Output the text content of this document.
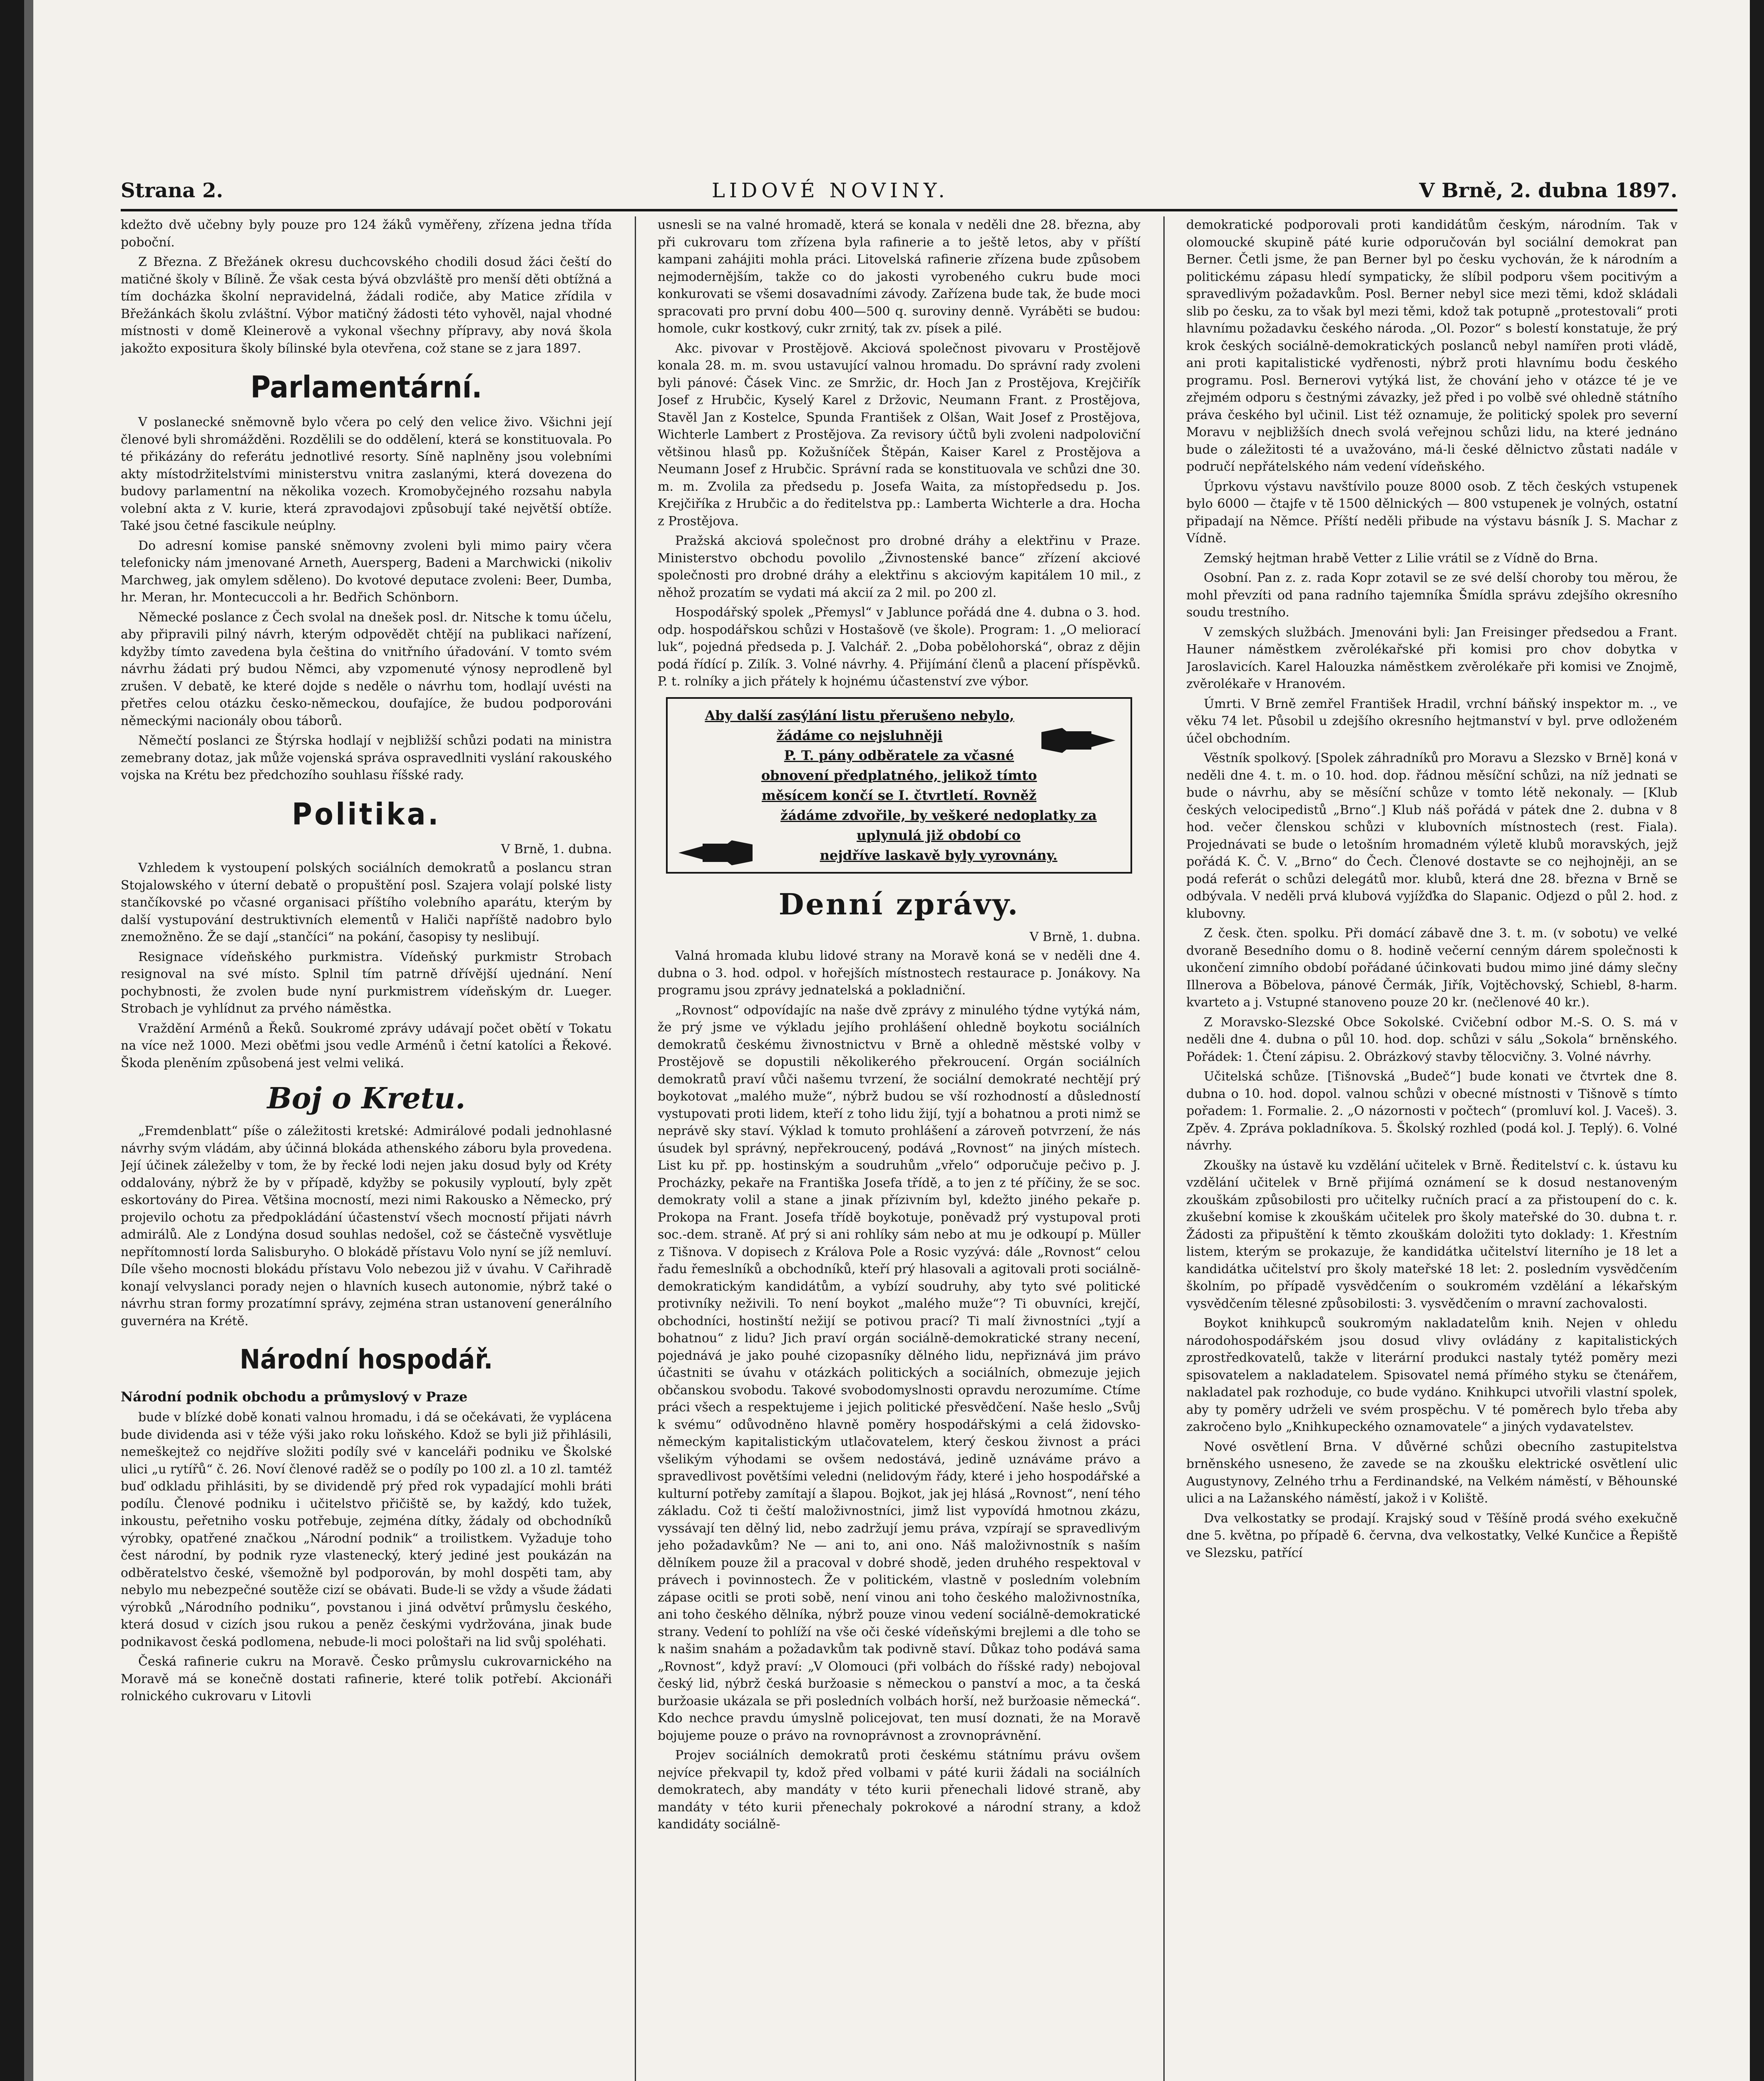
Strana 2.	LIDOVÉ NOVINY.	V Brně, 2. dubna 1897.

kdežto dvě učebny byly pouze pro 124 žáků vyměřeny, zřízena jedna třída poboční.

Z Března. Z Břežánek okresu duchcovského chodili dosud žáci čeští do matičné školy v Bílině. Že však cesta bývá obzvláště pro menší děti obtížná a tím docházka školní nepravidelná, žádali rodiče, aby Matice zřídila v Břežánkách školu zvláštní. Výbor matičný žádosti této vyhověl, najal vhodné místnosti v domě Kleinerově a vykonal všechny přípravy, aby nová škola jakožto expositura školy bílinské byla otevřena, což stane se z jara 1897.

Parlamentární.

V poslanecké sněmovně bylo včera po celý den velice živo. Všichni její členové byli shromážděni. Rozdělili se do oddělení, která se konstituovala. Po té přikázány do referátu jednotlivé resorty. Síně naplněny jsou volebními akty místodržitelstvími ministerstvu vnitra zaslanými, která dovezena do budovy parlamentní na několika vozech. Kromobyčejného rozsahu nabyla volební akta z V. kurie, která zpravodajovi způsobují také největší obtíže. Také jsou četné fascikule neúplny.

Do adresní komise panské sněmovny zvoleni byli mimo pairy včera telefonicky nám jmenované Arneth, Auersperg, Badeni a Marchwicki (nikoliv Marchweg, jak omylem sděleno). Do kvotové deputace zvoleni: Beer, Dumba, hr. Meran, hr. Montecuccoli a hr. Bedřich Schönborn.

Německé poslance z Čech svolal na dnešek posl. dr. Nitsche k tomu účelu, aby připravili pilný návrh, kterým odpovědět chtějí na publikaci nařízení, kdyžby tímto zavedena byla čeština do vnitřního úřadování. V tomto svém návrhu žádati prý budou Němci, aby vzpomenuté výnosy neprodleně byl zrušen. V debatě, ke které dojde s neděle o návrhu tom, hodlají uvésti na přetřes celou otázku česko-německou, doufajíce, že budou podporováni německými nacionály obou táborů.

Němečtí poslanci ze Štýrska hodlají v nejbližší schůzi podati na ministra zemebrany dotaz, jak může vojenská správa ospravedlniti vyslání rakouského vojska na Krétu bez předchozího souhlasu říšské rady.

Politika.
V Brně, 1. dubna.

Vzhledem k vystoupení polských sociálních demokratů a poslancu stran Stojalowského v úterní debatě o propuštění posl. Szajera volají polské listy stančíkovské po včasné organisaci příštího volebního aparátu, kterým by další vystupování destruktivních elementů v Haliči napříště nadobro bylo znemožněno. Že se dají „stančíci“ na pokání, časopisy ty neslibují.

Resignace vídeňského purkmistra. Vídeňský purkmistr Strobach resignoval na své místo. Splnil tím patrně dřívější ujednání. Není pochybnosti, že zvolen bude nyní purkmistrem vídeňským dr. Lueger. Strobach je vyhlídnut za prvého náměstka.

Vraždění Arménů a Řeků. Soukromé zprávy udávají počet obětí v Tokatu na více než 1000. Mezi oběťmi jsou vedle Arménů i četní katolíci a Řekové. Škoda pleněním způsobená jest velmi veliká.

Boj o Kretu.

„Fremdenblatt“ píše o záležitosti kretské: Admirálové podali jednohlasné návrhy svým vládám, aby účinná blokáda athenského záboru byla provedena. Její účinek záleželby v tom, že by řecké lodi nejen jaku dosud byly od Kréty oddalovány, nýbrž že by v případě, kdyžby se pokusily vyploutí, byly zpět eskortovány do Pirea. Většina mocností, mezi nimi Rakousko a Německo, prý projevilo ochotu za předpokládání účastenství všech mocností přijati návrh admirálů. Ale z Londýna dosud souhlas nedošel, což se částečně vysvětluje nepřítomností lorda Salisburyho. O blokádě přístavu Volo nyní se jíž nemluví. Díle všeho mocnosti blokádu přístavu Volo nebezou již v úvahu. V Cařihradě konají velvyslanci porady nejen o hlavních kusech autonomie, nýbrž také o návrhu stran formy prozatímní správy, zejména stran ustanovení generálního guvernéra na Krétě.

Národní hospodář.
Národní podnik obchodu a průmyslový v Praze

bude v blízké době konati valnou hromadu, i dá se očekávati, že vyplácena bude dividenda asi v téže výši jako roku loňského. Kdož se byli již přihlásili, nemeškejtež co nejdříve složiti podíly své v kanceláři podniku ve Školské ulici „u rytířů“ č. 26. Noví členové raděž se o podíly po 100 zl. a 10 zl. tamtéž buď odkladu přihlásiti, by se dividendě prý před rok vypadající mohli bráti podílu. Členové podniku i učitelstvo přičiště se, by každý, kdo tužek, inkoustu, peřetniho vosku potřebuje, zejména dítky, žádaly od obchodníků výrobky, opatřené značkou „Národní podnik“ a troilistkem. Vyžaduje toho čest národní, by podnik ryze vlastenecký, který jediné jest poukázán na odběratelstvo české, všemožně byl podporován, by mohl dospěti tam, aby nebylo mu nebezpečné soutěže cizí se obávati. Bude-li se vždy a všude žádati výrobků „Národního podniku“, povstanou i jiná odvětví průmyslu českého, která dosud v cizích jsou rukou a peněz českými vydržována, jinak bude podnikavost česká podlomena, nebude-li moci pološtaři na lid svůj spoléhati.

Česká rafinerie cukru na Moravě. Česko průmyslu cukrovarnického na Moravě má se konečně dostati rafinerie, které tolik potřebí. Akcionáři rolnického cukrovaru v Litovli

usnesli se na valné hromadě, která se konala v neděli dne 28. března, aby při cukrovaru tom zřízena byla rafinerie a to ještě letos, aby v příští kampani zahájiti mohla práci. Litovelská rafinerie zřízena bude způsobem nejmodernějším, takže co do jakosti vyrobeného cukru bude moci konkurovati se všemi dosavadními závody. Zařízena bude tak, že bude moci spracovati pro první dobu 400—500 q. suroviny denně. Vyráběti se budou: homole, cukr kostkový, cukr zrnitý, tak zv. písek a pilé.

Akc. pivovar v Prostějově. Akciová společnost pivovaru v Prostějově konala 28. m. m. svou ustavující valnou hromadu. Do správní rady zvoleni byli pánové: Čásek Vinc. ze Smržic, dr. Hoch Jan z Prostějova, Krejčiřík Josef z Hrubčic, Kyselý Karel z Držovic, Neumann Frant. z Prostějova, Stavěl Jan z Kostelce, Spunda František z Olšan, Wait Josef z Prostějova, Wichterle Lambert z Prostějova. Za revisory účtů byli zvoleni nadpoloviční většinou hlasů pp. Kožušníček Štěpán, Kaiser Karel z Prostějova a Neumann Josef z Hrubčic. Správní rada se konstituovala ve schůzi dne 30. m. m. Zvolila za předsedu p. Josefa Waita, za místopředsedu p. Jos. Krejčiříka z Hrubčic a do ředitelstva pp.: Lamberta Wichterle a dra. Hocha z Prostějova.

Pražská akciová společnost pro drobné dráhy a elektřinu v Praze. Ministerstvo obchodu povolilo „Živnostenské bance“ zřízení akciové společnosti pro drobné dráhy a elektřinu s akciovým kapitálem 10 mil., z něhož prozatím se vydati má akcií za 2 mil. po 200 zl.

Hospodářský spolek „Přemysl“ v Jablunce pořádá dne 4. dubna o 3. hod. odp. hospodářskou schůzi v Hostašově (ve škole). Program: 1. „O meliorací luk“, pojedná předseda p. J. Valchář. 2. „Doba pobělohorská“, obraz z dějin podá řídící p. Zilík. 3. Volné návrhy. 4. Přijímání členů a placení příspěvků. P. t. rolníky a jich přátely k hojnému účastenství zve výbor.

Aby další zasýlání listu přerušeno nebylo, žádáme co nejsluhněji
P. T. pány odběratele za včasné
obnovení předplatného, jelikož tímto
měsícem končí se I. čtvrtletí. Rovněž
žádáme zdvořile, by veškeré nedoplatky za uplynulá již období co
nejdříve laskavě byly vyrovnány.
Denní zprávy.
V Brně, 1. dubna.

Valná hromada klubu lidové strany na Moravě koná se v neděli dne 4. dubna o 3. hod. odpol. v hořejších místnostech restaurace p. Jonákovy. Na programu jsou zprávy jednatelská a pokladniční.

„Rovnost“ odpovídajíc na naše dvě zprávy z minulého týdne vytýká nám, že prý jsme ve výkladu jejího prohlášení ohledně boykotu sociálních demokratů českému živnostnictvu v Brně a ohledně městské volby v Prostějově se dopustili několikerého překroucení. Orgán sociálních demokratů praví vůči našemu tvrzení, že sociální demokraté nechtějí prý boykotovat „malého muže“, nýbrž budou se vší rozhodností a důsledností vystupovati proti lidem, kteří z toho lidu žijí, tyjí a bohatnou a proti nimž se neprávě sky staví. Výklad k tomuto prohlášení a zároveň potvrzení, že nás úsudek byl správný, nepřekroucený, podává „Rovnost“ na jiných místech. List ku př. pp. hostinským a soudruhům „vřelo“ odporučuje pečivo p. J. Procházky, pekaře na Františka Josefa třídě, a to jen z té příčiny, že se soc. demokraty volil a stane a jinak přízivním byl, kdežto jiného pekaře p. Prokopa na Frant. Josefa třídě boykotuje, poněvadž prý vystupoval proti soc.-dem. straně. Ať prý si ani rohlíky sám nebo at mu je odkoupí p. Müller z Tišnova. V dopisech z Králova Pole a Rosic vyzývá: dále „Rovnost“ celou řadu řemeslníků a obchodníků, kteří prý hlasovali a agitovali proti sociálně-demokratickým kandidátům, a vybízí soudruhy, aby tyto své politické protivníky neživili. To není boykot „malého muže“? Ti obuvníci, krejčí, obchodníci, hostinští nežijí se potivou prací? Ti malí živnostníci „tyjí a bohatnou“ z lidu? Jich praví orgán sociálně-demokratické strany necení, pojednává je jako pouhé cizopasníky dělného lidu, nepřiznává jim právo účastniti se úvahu v otázkách politických a sociálních, obmezuje jejich občanskou svobodu. Takové svobodomyslnosti opravdu nerozumíme. Ctíme práci všech a respektujeme i jejich politické přesvědčení. Naše heslo „Svůj k svému“ odůvodněno hlavně poměry hospodářskými a celá židovsko-německým kapitalistickým utlačovatelem, který českou živnost a práci všelikým výhodami se ovšem nedostává, jedině uznáváme právo a spravedlivost povětšími veledni (nelidovým řády, které i jeho hospodářské a kulturní potřeby zamítají a šlapou. Bojkot, jak jej hlásá „Rovnost“, není tého základu. Což ti čeští maloživnostníci, jimž list vypovídá hmotnou zkázu, vyssávají ten dělný lid, nebo zadržují jemu práva, vzpírají se spravedlivým jeho požadavkům? Ne — ani to, ani ono. Náš maloživnostník s naším dělníkem pouze žil a pracoval v dobré shodě, jeden druhého respektoval v právech i povinnostech. Že v politickém, vlastně v posledním volebním zápase ocitli se proti sobě, není vinou ani toho českého maloživnostníka, ani toho českého dělníka, nýbrž pouze vinou vedení sociálně-demokratické strany. Vedení to pohlíží na vše oči české vídeňskými brejlemi a dle toho se k našim snahám a požadavkům tak podivně staví. Důkaz toho podává sama „Rovnost“, když praví: „V Olomouci (při volbách do říšské rady) nebojoval český lid, nýbrž česká buržoasie s německou o panství a moc, a ta česká buržoasie ukázala se při posledních volbách horší, než buržoasie německá“. Kdo nechce pravdu úmyslně policejovat, ten musí doznati, že na Moravě bojujeme pouze o právo na rovnoprávnost a zrovnoprávnění.

Projev sociálních demokratů proti českému státnímu právu ovšem nejvíce překvapil ty, kdož před volbami v páté kurii žádali na sociálních demokratech, aby mandáty v této kurii přenechali lidové straně, aby mandáty v této kurii přenechaly pokrokové a národní strany, a kdož kandidáty sociálně-

demokratické podporovali proti kandidátům českým, národním. Tak v olomoucké skupině páté kurie odporučován byl sociální demokrat pan Berner. Četli jsme, že pan Berner byl po česku vychován, že k národním a politickému zápasu hledí sympaticky, že slíbil podporu všem pocitivým a spravedlivým požadavkům. Posl. Berner nebyl sice mezi těmi, kdož skládali slib po česku, za to však byl mezi těmi, kdož tak potupně „protestovali“ proti hlavnímu požadavku českého národa. „Ol. Pozor“ s bolestí konstatuje, že prý krok českých sociálně-demokratických poslanců nebyl namířen proti vládě, ani proti kapitalistické vydřenosti, nýbrž proti hlavnímu bodu českého programu. Posl. Bernerovi vytýká list, že chování jeho v otázce té je ve zřejmém odporu s čestnými závazky, jež před i po volbě své ohledně státního práva českého byl učinil. List též oznamuje, že politický spolek pro severní Moravu v nejbližších dnech svolá veřejnou schůzi lidu, na které jednáno bude o záležitosti té a uvažováno, má-li české dělnictvo zůstati nadále v područí nepřátelského nám vedení vídeňského.

Úprkovu výstavu navštívilo pouze 8000 osob. Z těch českých vstupenek bylo 6000 — čtajfe v tě 1500 dělnických — 800 vstupenek je volných, ostatní připadají na Němce. Příští neděli přibude na výstavu básník J. S. Machar z Vídně.

Zemský hejtman hrabě Vetter z Lilie vrátil se z Vídně do Brna.

Osobní. Pan z. z. rada Kopr zotavil se ze své delší choroby tou měrou, že mohl převzíti od pana radního tajemníka Šmídla správu zdejšího okresního soudu trestního.

V zemských službách. Jmenováni byli: Jan Freisinger předsedou a Frant. Hauner náměstkem zvěrolékařské při komisi pro chov dobytka v Jaroslavicích. Karel Halouzka náměstkem zvěrolékaře při komisi ve Znojmě, zvěrolékaře v Hranovém.

Úmrti. V Brně zemřel František Hradil, vrchní báňský inspektor m. ., ve věku 74 let. Působil u zdejšího okresního hejtmanství v byl. prve odloženém účel obchodním.

Věstník spolkový. [Spolek záhradníků pro Moravu a Slezsko v Brně] koná v neděli dne 4. t. m. o 10. hod. dop. řádnou měsíční schůzi, na níž jednati se bude o návrhu, aby se měsíční schůze v tomto létě nekonaly. — [Klub českých velocipedistů „Brno“.] Klub náš pořádá v pátek dne 2. dubna v 8 hod. večer členskou schůzi v klubovních místnostech (rest. Fiala). Projednávati se bude o letošním hromadném výletě klubů moravských, jejž pořádá K. Č. V. „Brno“ do Čech. Členové dostavte se co nejhojněji, an se podá referát o schůzi delegátů mor. klubů, která dne 28. března v Brně se odbývala. V neděli prvá klubová vyjížďka do Slapanic. Odjezd o půl 2. hod. z klubovny.

Z česk. čten. spolku. Při domácí zábavě dne 3. t. m. (v sobotu) ve velké dvoraně Besedního domu o 8. hodině večerní cenným dárem společnosti k ukončení zimního období pořádané účinkovati budou mimo jiné dámy slečny Illnerova a Böbelova, pánové Čermák, Jiřík, Vojtěchovský, Schiebl, 8-harm. kvarteto a j. Vstupné stanoveno pouze 20 kr. (nečlenové 40 kr.).

Z Moravsko-Slezské Obce Sokolské. Cvičební odbor M.-S. O. S. má v neděli dne 4. dubna o půl 10. hod. dop. schůzi v sálu „Sokola“ brněnského. Pořádek: 1. Čtení zápisu. 2. Obrázkový stavby tělocvičny. 3. Volné návrhy.

Učitelská schůze. [Tišnovská „Budeč“] bude konati ve čtvrtek dne 8. dubna o 10. hod. dopol. valnou schůzi v obecné místnosti v Tišnově s tímto pořadem: 1. Formalie. 2. „O názornosti v počtech“ (promluví kol. J. Vaceš). 3. Zpěv. 4. Zpráva pokladníkova. 5. Školský rozhled (podá kol. J. Teplý). 6. Volné návrhy.

Zkoušky na ústavě ku vzdělání učitelek v Brně. Ředitelství c. k. ústavu ku vzdělání učitelek v Brně přijímá oznámení se k dosud nestanoveným zkouškám způsobilosti pro učitelky ručních prací a za přistoupení do c. k. zkušební komise k zkouškám učitelek pro školy mateřské do 30. dubna t. r. Žádosti za připuštění k těmto zkouškám doložiti tyto doklady: 1. Křestním listem, kterým se prokazuje, že kandidátka učitelství literního je 18 let a kandidátka učitelství pro školy mateřské 18 let: 2. posledním vysvědčením školním, po případě vysvědčením o soukromém vzdělání a lékařským vysvědčením tělesné způsobilosti: 3. vysvědčením o mravní zachovalosti.

Boykot knihkupců soukromým nakladatelům knih. Nejen v ohledu národohospodářském jsou dosud vlivy ovládány z kapitalistických zprostředkovatelů, takže v literární produkci nastaly tytéž poměry mezi spisovatelem a nakladatelem. Spisovatel nemá přímého styku se čtenářem, nakladatel pak rozhoduje, co bude vydáno. Knihkupci utvořili vlastní spolek, aby ty poměry udrželi ve svém prospěchu. V té poměrech bylo třeba aby zakročeno bylo „Knihkupeckého oznamovatele“ a jiných vydavatelstev.

Nové osvětlení Brna. V důvěrné schůzi obecního zastupitelstva brněnského usneseno, že zavede se na zkoušku elektrické osvětlení ulic Augustynovy, Zelného trhu a Ferdinandské, na Velkém náměstí, v Běhounské ulici a na Lažanského náměstí, jakož i v Koliště.

Dva velkostatky se prodají. Krajský soud v Těšíně prodá svého exekučně dne 5. května, po případě 6. června, dva velkostatky, Velké Kunčice a Řepiště ve Slezsku, patřící
